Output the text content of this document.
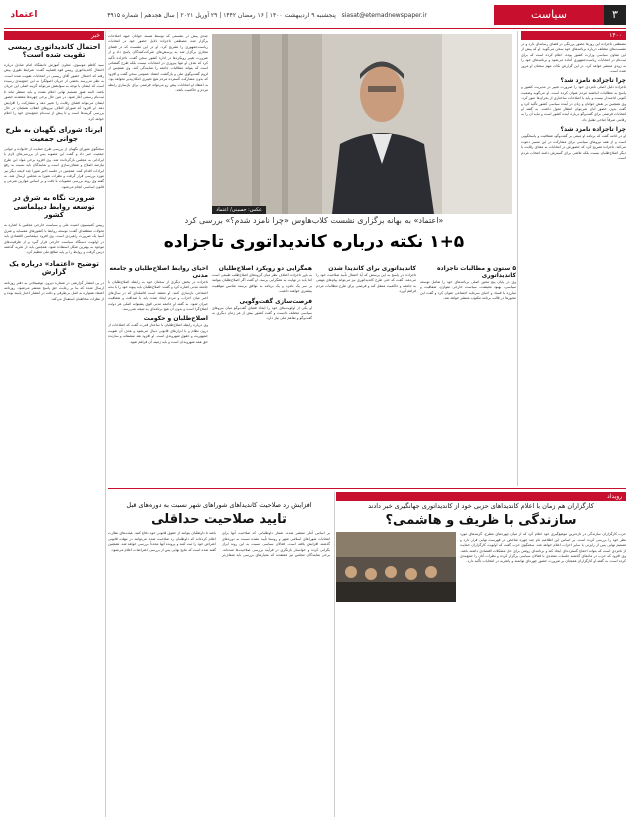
۳
سیاست
siasat@etemadnewspaper.ir   پنجشنبه ۹ اردیبهشت ۱۴۰۰ | ۱۶ رمضان ۱۴۴۲ | ۲۹ آوریل ۲۰۲۱ | سال هجدهم | شماره ۴۹۱۵
اعتماد
خبر
احتمال کاندیداتوری رییسی تقویت شده است؟

سید کاظم موسوی، معاون آموزش دانشگاه امام صادق درباره احتمال کاندیداتوری رییس قوه قضاییه گفت: شرایط طوری پیش رفته که احتمال حضور آقای رییسی در انتخابات تقویت شده است. به نظر می‌رسد بخشی از جریان اصولگرا به این جمع‌بندی رسیده است که ایشان با توجه به سوابقش می‌تواند گزینه اصلی این جریان باشد. البته هنوز تصمیم نهایی اعلام نشده و باید منتظر ماند تا ثبت‌نام رسمی آغاز شود. در عین حال برخی چهره‌ها معتقدند حضور ایشان می‌تواند فضای رقابت را تغییر دهد و مشارکت را افزایش دهد. او افزود که شورای ائتلاف نیروهای انقلاب همچنان در حال بررسی گزینه‌ها است و تا پیش از ثبت‌نام جمع‌بندی خود را اعلام خواهد کرد.

ایرنا: شورای نگهبان به طرح جوانی جمعیت

سخنگوی شورای نگهبان از بررسی طرح حمایت از خانواده و جوانی جمعیت خبر داد و گفت این مصوبه پس از بررسی‌های لازم با ایراداتی به مجلس بازگردانده شد. وی افزود برخی مواد این طرح نیازمند اصلاح و شفاف‌سازی است و نمایندگان باید نسبت به رفع ایرادات اقدام کنند. همچنین در جلسه اخیر شورا چند لایحه دیگر نیز مورد بررسی قرار گرفت و نظرات شورا به مجلس ارسال شد. به گفته وی روند بررسی مصوبات با دقت و بر اساس موازین شرعی و قانون اساسی انجام می‌شود.

ضرورت نگاه به شرق در توسعه روابط دیپلماسی کشور

رییس کمیسیون امنیت ملی و سیاست خارجی مجلس با اشاره به تحولات منطقه‌ای گفت: توسعه روابط با کشورهای همسایه و شرق آسیا یک ضرورت راهبردی است. وی افزود دیپلماسی اقتصادی باید در اولویت دستگاه سیاست خارجی قرار گیرد و از ظرفیت‌های موجود به بهترین شکل استفاده شود. همچنین باید از تجربه گذشته درس گرفت و روابط را بر پایه منافع ملی تنظیم کرد.

توضیح «اعتماد» درباره یک گزارش

در پی انتشار گزارشی در شماره دیروز، توضیحاتی به دفتر روزنامه ارسال شده که بنا بر رعایت حق پاسخ منتشر می‌شود. روزنامه اعتماد همواره به اصل بی‌طرفی و دقت در انتشار اخبار پایبند بوده و از نظرات مخاطبان استقبال می‌کند.

۱۴۰۰

مصطفی تاجزاده این روزها حضور پررنگی در فضای رسانه‌ای دارد و در نشست‌های مختلف درباره برنامه‌های خود سخن می‌گوید. او که پیش از این معاون سیاسی وزارت کشور بوده، اعلام کرده است که برای ثبت‌نام در انتخابات ریاست‌جمهوری آماده می‌شود و برنامه‌های خود را به زودی منتشر خواهد کرد. در این گزارش نکات مهم سخنان او مرور شده است.

چرا تاجزاده نامزد شد؟

تاجزاده دلیل اصلی نامزدی خود را ضرورت تغییر در مدیریت کشور و پاسخ به مطالبات انباشته مردم عنوان کرده است. او می‌گوید وضعیت کنونی ادامه‌دار نیست و باید با اصلاحات ساختاری از بحران‌ها عبور کرد. وی همچنین بر نقش جوانان و زنان در آینده سیاسی کشور تأکید کرد و گفت بدون حضور آنان نمی‌توان انتظار تحول داشت. به گفته او انتخابات فرصتی برای گفت‌وگو درباره آینده کشور است و نباید آن را به رقابتی صرفاً جناحی تقلیل داد.

چرا تاجزاده نامزد شد؟

او در ادامه گفت که برنامه او مبتنی بر گفت‌وگو، شفافیت و پاسخگویی است و از همه نیروهای سیاسی برای مشارکت در این مسیر دعوت می‌کند. تاجزاده تصریح کرد که حضورش در انتخابات به معنای رقابت با دیگر اصلاح‌طلبان نیست بلکه تلاشی برای گسترش دامنه انتخاب مردم است.

عکس: حسینی/ اعتماد
«اعتماد» به بهانه برگزاری نشست کلاب‌هاوس «چرا نامزد شدم؟» بررسی کرد
۱+۵ نکته درباره کاندیداتوری تاجزاده

چندی پیش در نشستی که توسط هسته جوانان جبهه اصلاحات برگزار شد، مصطفی تاجزاده دلایل حضور خود در انتخابات ریاست‌جمهوری را تشریح کرد. او در این نشست که در فضای مجازی برگزار شد به پرسش‌های شرکت‌کنندگان پاسخ داد و از ضرورت تغییر رویکردها در اداره کشور سخن گفت. تاجزاده تأکید کرد که هدف او تنها پیروزی در انتخابات نیست بلکه طرح گفتمانی است که بتواند مطالبات جامعه را نمایندگی کند. وی همچنین از لزوم گفت‌وگوی ملی و بازگشت اعتماد عمومی سخن گفت و افزود که بدون مشارکت گسترده مردم هیچ تغییری امکان‌پذیر نخواهد بود. به اعتقاد او انتخابات پیش رو می‌تواند فرصتی برای بازسازی رابطه مردم و حاکمیت باشد.

احیای روابط اصلاح‌طلبان و جامعه مدنی

تاجزاده در بخش دیگری از سخنان خود به رابطه اصلاح‌طلبان با جامعه مدنی اشاره کرد و گفت: اصلاح‌طلبان باید پیوند خود را با بدنه اجتماعی بازسازی کنند. او معتقد است فاصله‌ای که در سال‌های اخیر میان احزاب و مردم ایجاد شده باید با صداقت و شفافیت جبران شود. به گفته او جامعه مدنی قوی پشتوانه اصلی هر دولت اصلاح‌گرا است و بدون آن هیچ برنامه‌ای به نتیجه نمی‌رسد.

اصلاح‌طلبان و حکومت

وی درباره رابطه اصلاح‌طلبان با ساختار قدرت گفت که اصلاحات از درون نظام و با ابزارهای قانونی دنبال می‌شود و هدف آن تقویت جمهوریت و حقوق شهروندی است. او افزود نقد منصفانه و سازنده حق همه شهروندان است و باید زمینه آن فراهم شود.

همگرایی دو رویکرد اصلاح‌طلبان

به باور تاجزاده اختلاف نظر میان گروه‌های اصلاح‌طلب طبیعی است اما باید در نهایت به همگرایی برسد. او گفت اگر اصلاح‌طلبان بتوانند بر سر یک نامزد و یک برنامه به توافق برسند شانس موفقیت بیشتری خواهند داشت.

فرصت‌سازی گفت‌وگویی

او یکی از اولویت‌های خود را ایجاد فضای گفت‌وگو میان نیروهای سیاسی مختلف دانست و گفت کشور بیش از هر زمان دیگری به گفت‌وگو و تفاهم ملی نیاز دارد.

کاندیداتوری برای کاندیدا شدن

تاجزاده در پاسخ به این پرسش که آیا احتمال تأیید صلاحیت خود را می‌دهد، گفت که حتی طرح کاندیداتوری نیز می‌تواند پیام‌های مهمی به جامعه و حاکمیت منتقل کند و فرصتی برای طرح مطالبات مردم فراهم آورد.

۵ ستون و مطالبات تاجزاده کاندیداتوری

وی در پایان پنج محور اصلی برنامه‌های خود را شامل توسعه سیاسی، بهبود معیشت، سیاست خارجی متوازن، شفافیت و مبارزه با فساد و احیای سرمایه اجتماعی عنوان کرد و گفت این محورها در قالب برنامه مکتوب منتشر خواهد شد.

رویداد
کارگزاران هم زمان با اعلام کاندیداهای حزبی خود از کاندیداتوری جهانگیری خبر دادند
سازندگی با ظریف و هاشمی؟

حزب کارگزاران سازندگی در تازه‌ترین موضع‌گیری خود اعلام کرد که از میان چهره‌های مطرح، گزینه‌های مورد نظر خود را بررسی کرده است. بر اساس این اطلاعیه نام چند چهره شاخص در فهرست نهایی قرار دارد و تصمیم نهایی پس از رایزنی با سایر احزاب اعلام خواهد شد. سخنگوی حزب گفت که اولویت کارگزاران حمایت از نامزدی است که بتواند اجماع گسترده‌ای ایجاد کند و برنامه‌ای روشن برای حل مشکلات اقتصادی داشته باشد. وی افزود که حزب در ماه‌های گذشته جلسات متعددی با فعالان سیاسی برگزار کرده و نظرات آنان را جمع‌بندی کرده است. به گفته او کارگزاران همچنان بر ضرورت حضور چهره‌ای توانمند و باتجربه در انتخابات تأکید دارد.

افزایش رد صلاحیت کاندیداهای شوراهای شهر نسبت به دوره‌های قبل
تایید صلاحیت حداقلی

بر اساس آمار منتشر شده، شمار داوطلبانی که صلاحیت آنها برای انتخابات شوراهای اسلامی شهر و روستا تأیید نشده نسبت به دوره‌های گذشته افزایش یافته است. فعالان سیاسی نسبت به این روند ابراز نگرانی کرده و خواستار بازنگری در فرآیند بررسی صلاحیت‌ها شده‌اند. برخی نمایندگان مجلس نیز معتقدند که معیارهای بررسی باید شفاف‌تر باشد تا داوطلبان بتوانند از حقوق قانونی خود دفاع کنند. هیئت‌های نظارت اعلام کرده‌اند که داوطلبان رد صلاحیت شده می‌توانند در مهلت قانونی اعتراض خود را ثبت کنند و پرونده آنها مجدداً بررسی خواهد شد. همچنین گفته شده است که نتایج نهایی پس از بررسی اعتراضات اعلام می‌شود.
